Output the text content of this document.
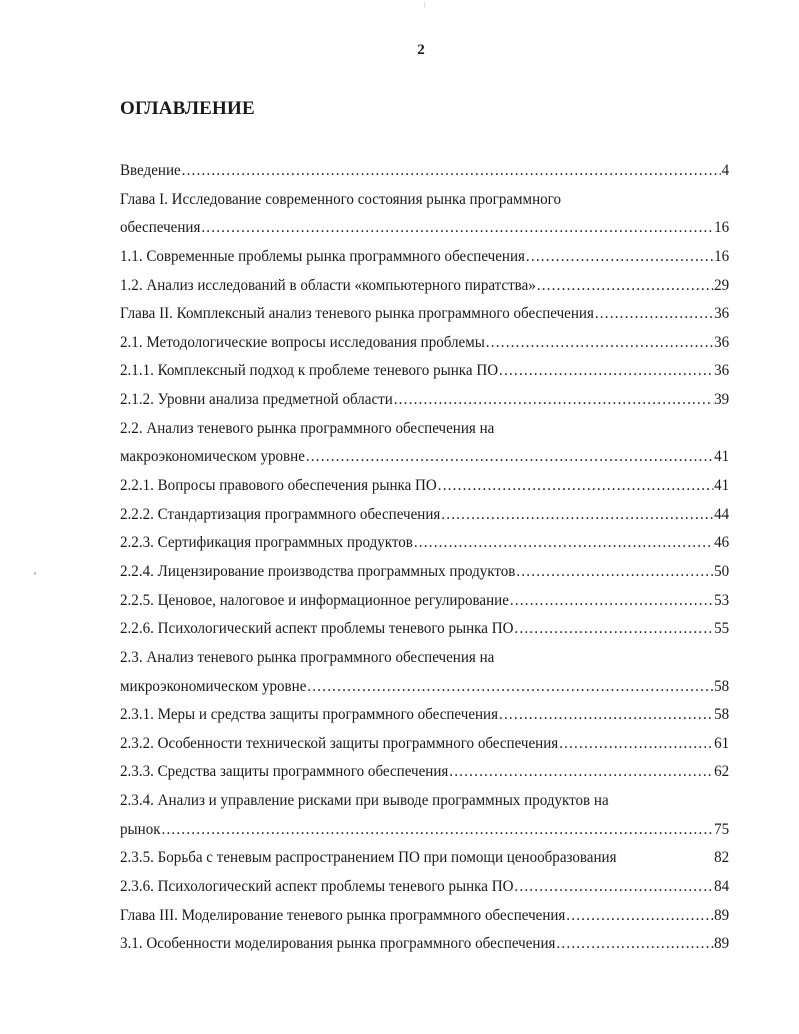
2
ОГЛАВЛЕНИЕ
Введение .....	4
Глава I. Исследование современного состояния рынка программного
обеспечения .....	16
1.1. Современные проблемы рынка программного обеспечения .....	16
1.2. Анализ исследований в области «компьютерного пиратства» .....	29
Глава II. Комплексный анализ теневого рынка программного обеспечения .....	36
2.1. Методологические вопросы исследования проблемы .....	36
2.1.1. Комплексный подход к проблеме теневого рынка ПО .....	36
2.1.2. Уровни анализа предметной области .....	39
2.2. Анализ теневого рынка программного обеспечения на
макроэкономическом уровне .....	41
2.2.1. Вопросы правового обеспечения рынка ПО .....	41
2.2.2. Стандартизация программного обеспечения .....	44
2.2.3. Сертификация программных продуктов .....	46
2.2.4. Лицензирование производства программных продуктов .....	50
2.2.5. Ценовое, налоговое и информационное регулирование .....	53
2.2.6. Психологический аспект проблемы теневого рынка ПО .....	55
2.3. Анализ теневого рынка программного обеспечения на
микроэкономическом уровне .....	58
2.3.1. Меры и средства защиты программного обеспечения .....	58
2.3.2. Особенности технической защиты программного обеспечения .....	61
2.3.3. Средства защиты программного обеспечения .....	62
2.3.4. Анализ и управление рисками при выводе программных продуктов на
рынок .....	75
2.3.5. Борьба с теневым распространением ПО при помощи ценообразования	82
2.3.6. Психологический аспект проблемы теневого рынка ПО .....	84
Глава III. Моделирование теневого рынка программного обеспечения .....	89
3.1. Особенности моделирования рынка программного обеспечения .....	89
